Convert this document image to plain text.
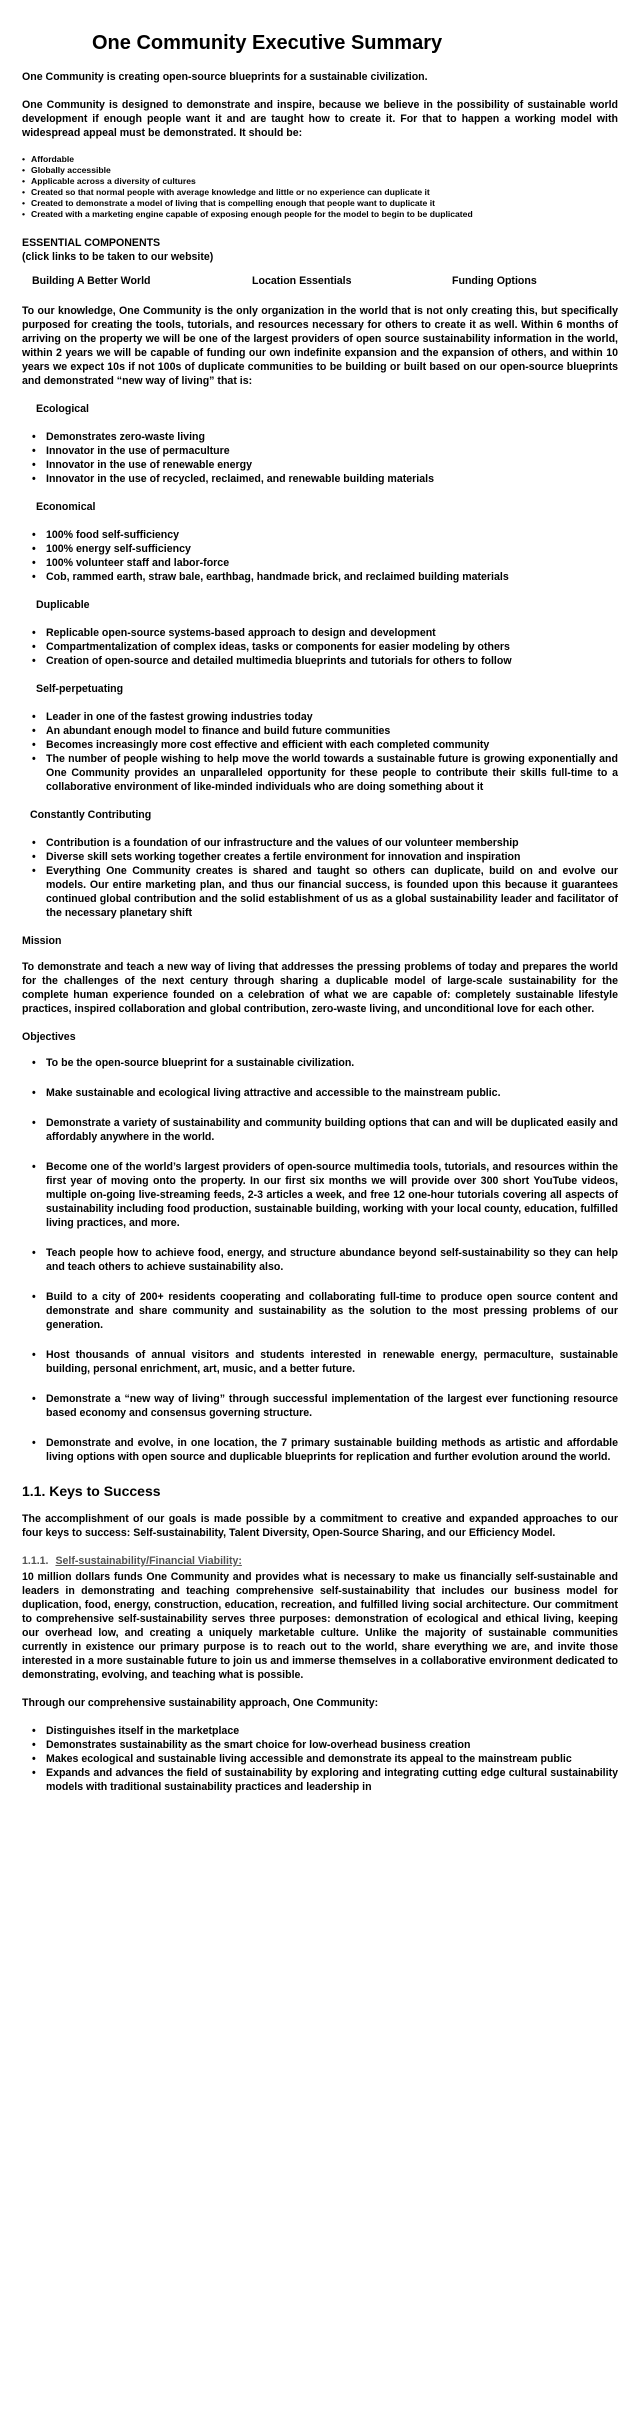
One Community Executive Summary

One Community is creating open-source blueprints for a sustainable civilization.

One Community is designed to demonstrate and inspire, because we believe in the possibility of sustainable world development if enough people want it and are taught how to create it. For that to happen a working model with widespread appeal must be demonstrated. It should be:

• Affordable
• Globally accessible
• Applicable across a diversity of cultures
• Created so that normal people with average knowledge and little or no experience can duplicate it
• Created to demonstrate a model of living that is compelling enough that people want to duplicate it
• Created with a marketing engine capable of exposing enough people for the model to begin to be duplicated
ESSENTIAL COMPONENTS
(click links to be taken to our website)
Building A Better World	Location Essentials	Funding Options

To our knowledge, One Community is the only organization in the world that is not only creating this, but specifically purposed for creating the tools, tutorials, and resources necessary for others to create it as well. Within 6 months of arriving on the property we will be one of the largest providers of open source sustainability information in the world, within 2 years we will be capable of funding our own indefinite expansion and the expansion of others, and within 10 years we expect 10s if not 100s of duplicate communities to be building or built based on our open-source blueprints and demonstrated “new way of living” that is:

Ecological
• Demonstrates zero-waste living
• Innovator in the use of permaculture
• Innovator in the use of renewable energy
• Innovator in the use of recycled, reclaimed, and renewable building materials
Economical
• 100% food self-sufficiency
• 100% energy self-sufficiency
• 100% volunteer staff and labor-force
• Cob, rammed earth, straw bale, earthbag, handmade brick, and reclaimed building materials
Duplicable
• Replicable open-source systems-based approach to design and development
• Compartmentalization of complex ideas, tasks or components for easier modeling by others
• Creation of open-source and detailed multimedia blueprints and tutorials for others to follow
Self-perpetuating
• Leader in one of the fastest growing industries today
• An abundant enough model to finance and build future communities
• Becomes increasingly more cost effective and efficient with each completed community
• The number of people wishing to help move the world towards a sustainable future is growing exponentially and One Community provides an unparalleled opportunity for these people to contribute their skills full-time to a collaborative environment of like-minded individuals who are doing something about it
Constantly Contributing
• Contribution is a foundation of our infrastructure and the values of our volunteer membership
• Diverse skill sets working together creates a fertile environment for innovation and inspiration
• Everything One Community creates is shared and taught so others can duplicate, build on and evolve our models. Our entire marketing plan, and thus our financial success, is founded upon this because it guarantees continued global contribution and the solid establishment of us as a global sustainability leader and facilitator of the necessary planetary shift
Mission

To demonstrate and teach a new way of living that addresses the pressing problems of today and prepares the world for the challenges of the next century through sharing a duplicable model of large-scale sustainability for the complete human experience founded on a celebration of what we are capable of: completely sustainable lifestyle practices, inspired collaboration and global contribution, zero-waste living, and unconditional love for each other.

Objectives
• To be the open-source blueprint for a sustainable civilization.
• Make sustainable and ecological living attractive and accessible to the mainstream public.
• Demonstrate a variety of sustainability and community building options that can and will be duplicated easily and affordably anywhere in the world.
• Become one of the world’s largest providers of open-source multimedia tools, tutorials, and resources within the first year of moving onto the property. In our first six months we will provide over 300 short YouTube videos, multiple on-going live-streaming feeds, 2-3 articles a week, and free 12 one-hour tutorials covering all aspects of sustainability including food production, sustainable building, working with your local county, education, fulfilled living practices, and more.
• Teach people how to achieve food, energy, and structure abundance beyond self-sustainability so they can help and teach others to achieve sustainability also.
• Build to a city of 200+ residents cooperating and collaborating full-time to produce open source content and demonstrate and share community and sustainability as the solution to the most pressing problems of our generation.
• Host thousands of annual visitors and students interested in renewable energy, permaculture, sustainable building, personal enrichment, art, music, and a better future.
• Demonstrate a “new way of living” through successful implementation of the largest ever functioning resource based economy and consensus governing structure.
• Demonstrate and evolve, in one location, the 7 primary sustainable building methods as artistic and affordable living options with open source and duplicable blueprints for replication and further evolution around the world.
1.1. Keys to Success

The accomplishment of our goals is made possible by a commitment to creative and expanded approaches to our four keys to success: Self-sustainability, Talent Diversity, Open-Source Sharing, and our Efficiency Model.

1.1.1. Self-sustainability/Financial Viability:

10 million dollars funds One Community and provides what is necessary to make us financially self-sustainable and leaders in demonstrating and teaching comprehensive self-sustainability that includes our business model for duplication, food, energy, construction, education, recreation, and fulfilled living social architecture. Our commitment to comprehensive self-sustainability serves three purposes: demonstration of ecological and ethical living, keeping our overhead low, and creating a uniquely marketable culture. Unlike the majority of sustainable communities currently in existence our primary purpose is to reach out to the world, share everything we are, and invite those interested in a more sustainable future to join us and immerse themselves in a collaborative environment dedicated to demonstrating, evolving, and teaching what is possible.

Through our comprehensive sustainability approach, One Community:

• Distinguishes itself in the marketplace
• Demonstrates sustainability as the smart choice for low-overhead business creation
• Makes ecological and sustainable living accessible and demonstrate its appeal to the mainstream public
• Expands and advances the field of sustainability by exploring and integrating cutting edge cultural sustainability models with traditional sustainability practices and leadership in
